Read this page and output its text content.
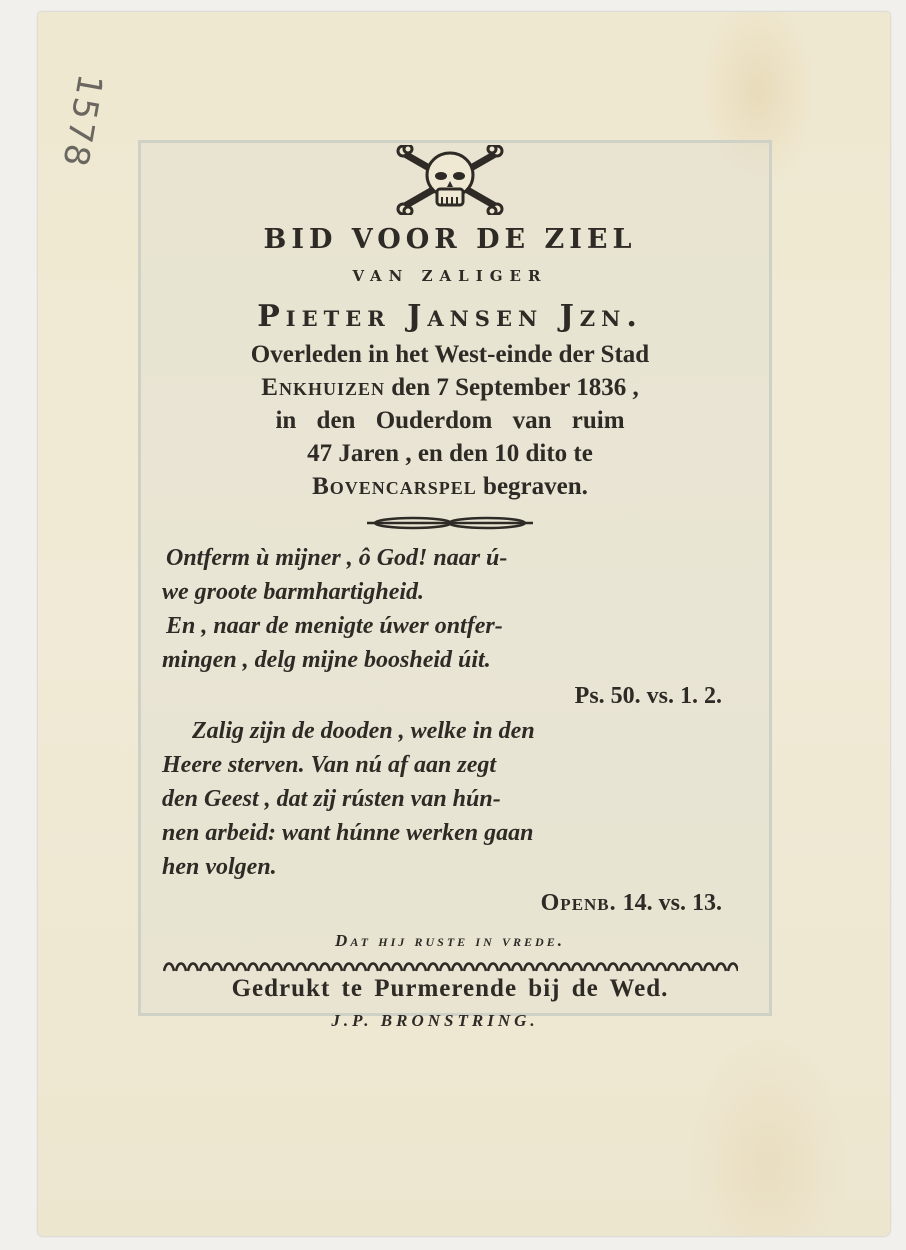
1578
BID VOOR DE ZIEL
VAN ZALIGER
Pieter Jansen Jzn.
Overleden in het West-einde der Stad
Enkhuizen den 7 September 1836 ,
in den Ouderdom van ruim
47 Jaren , en den 10 dito te
Bovencarspel begraven.
Ontferm ù mijner , ô God! naar ú-
we groote barmhartigheid.
En , naar de menigte úwer ontfer-
mingen , delg mijne boosheid úit.
Ps. 50. vs. 1. 2.
Zalig zijn de dooden , welke in den
Heere sterven. Van nú af aan zegt
den Geest , dat zij rústen van hún-
nen arbeid: want húnne werken gaan
hen volgen.
Openb. 14. vs. 13.
Dat hij ruste in vrede.
Gedrukt te Purmerende bij de Wed.
J.P. BRONSTRING.
